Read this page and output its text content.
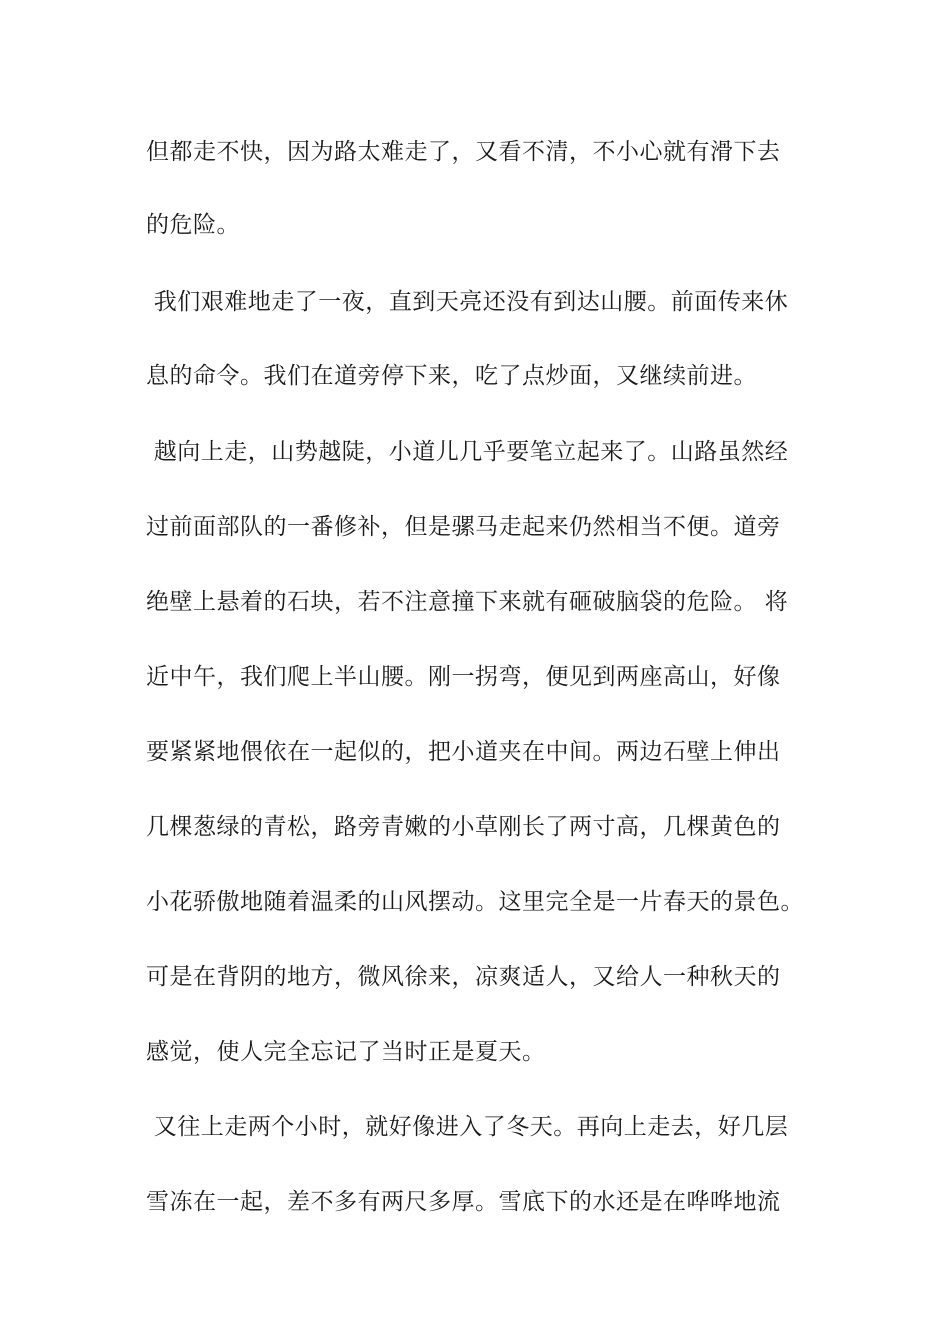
但都走不快，因为路太难走了，又看不清，不小心就有滑下去
的危险。
我们艰难地走了一夜，直到天亮还没有到达山腰。前面传来休
息的命令。我们在道旁停下来，吃了点炒面，又继续前进。
越向上走，山势越陡，小道儿几乎要笔立起来了。山路虽然经
过前面部队的一番修补，但是骡马走起来仍然相当不便。道旁
绝壁上悬着的石块，若不注意撞下来就有砸破脑袋的危险。 将
近中午，我们爬上半山腰。刚一拐弯，便见到两座高山，好像
要紧紧地偎依在一起似的，把小道夹在中间。两边石壁上伸出
几棵葱绿的青松，路旁青嫩的小草刚长了两寸高，几棵黄色的
小花骄傲地随着温柔的山风摆动。这里完全是一片春天的景色。
可是在背阴的地方，微风徐来，凉爽适人，又给人一种秋天的
感觉，使人完全忘记了当时正是夏天。
又往上走两个小时，就好像进入了冬天。再向上走去，好几层
雪冻在一起，差不多有两尺多厚。雪底下的水还是在哗哗地流
